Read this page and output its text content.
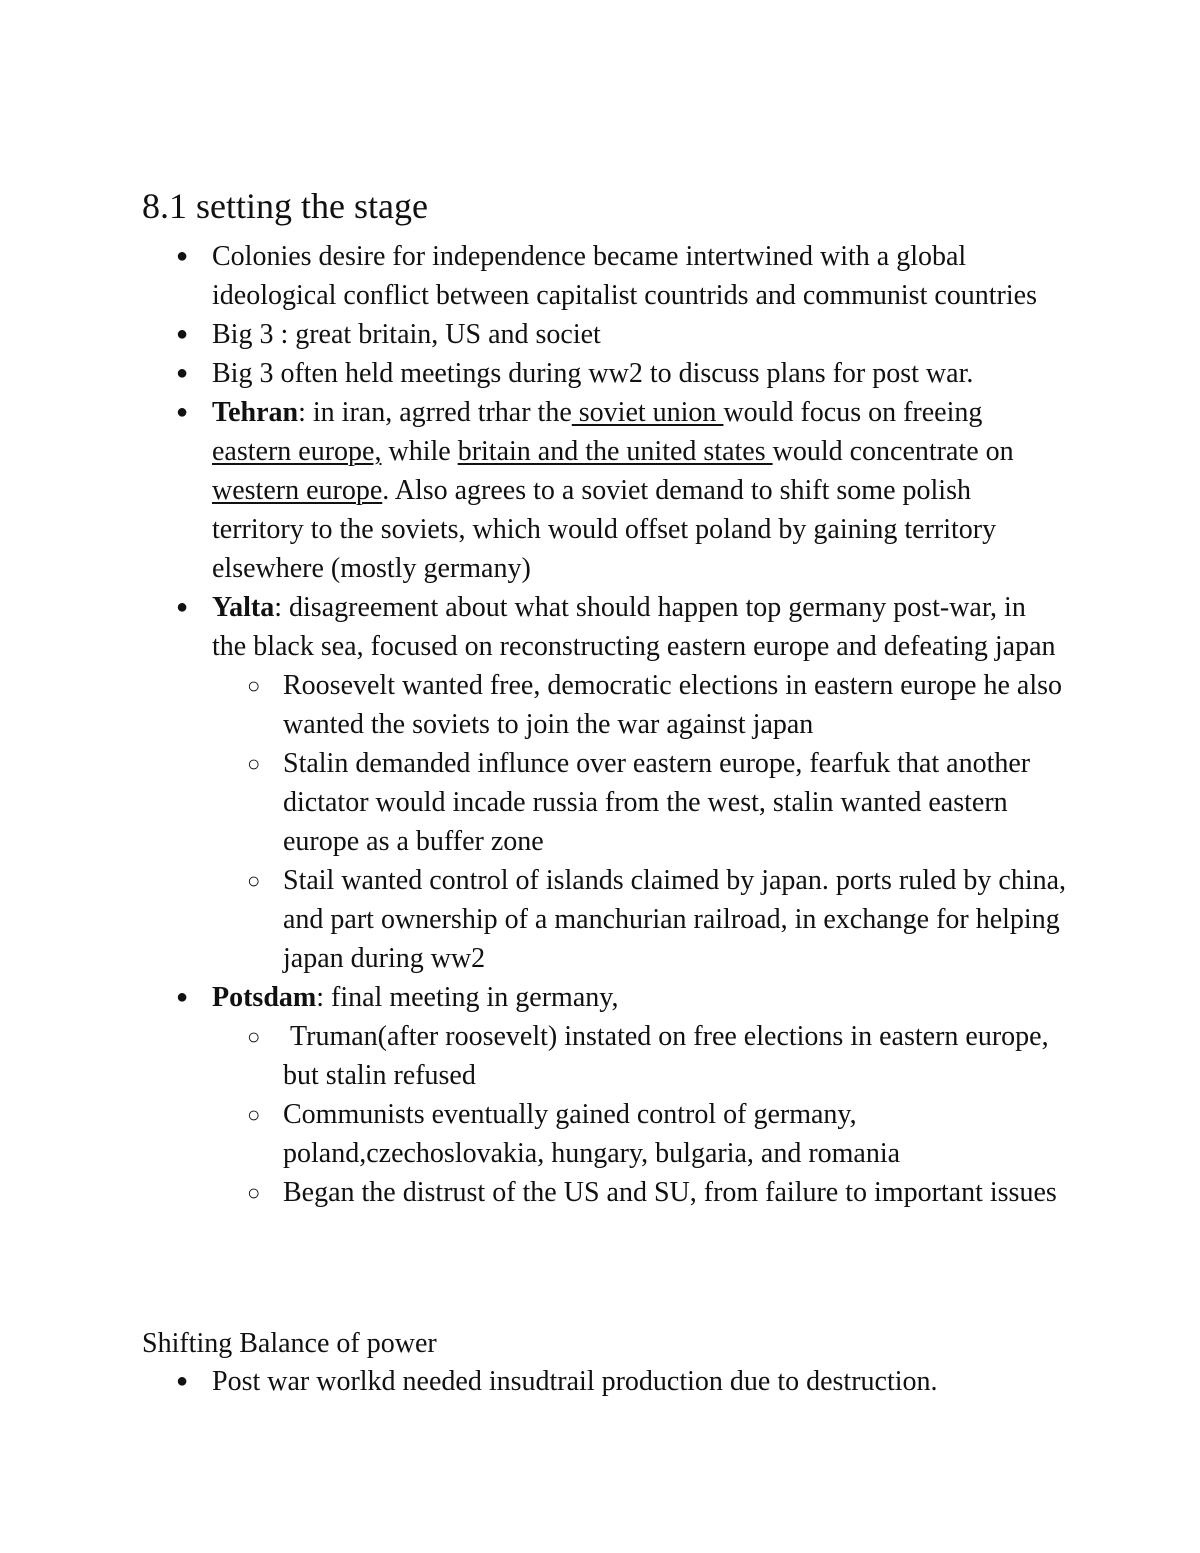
8.1 setting the stage
● Colonies desire for independence became intertwined with a global ideological conflict between capitalist countrids and communist countries
● Big 3 : great britain, US and societ
● Big 3 often held meetings during ww2 to discuss plans for post war.
● Tehran: in iran, agrred trhar the soviet union would focus on freeing eastern europe, while britain and the united states would concentrate on western europe. Also agrees to a soviet demand to shift some polish territory to the soviets, which would offset poland by gaining territory elsewhere (mostly germany)
● Yalta: disagreement about what should happen top germany post-war, in the black sea, focused on reconstructing eastern europe and defeating japan
○ Roosevelt wanted free, democratic elections in eastern europe he also wanted the soviets to join the war against japan
○ Stalin demanded influnce over eastern europe, fearfuk that another dictator would incade russia from the west, stalin wanted eastern europe as a buffer zone
○ Stail wanted control of islands claimed by japan. ports ruled by china, and part ownership of a manchurian railroad, in exchange for helping japan during ww2
● Potsdam: final meeting in germany,
○ Truman(after roosevelt) instated on free elections in eastern europe, but stalin refused
○ Communists eventually gained control of germany, poland,czechoslovakia, hungary, bulgaria, and romania
○ Began the distrust of the US and SU, from failure to important issues
Shifting Balance of power
● Post war worlkd needed insudtrail production due to destruction.
